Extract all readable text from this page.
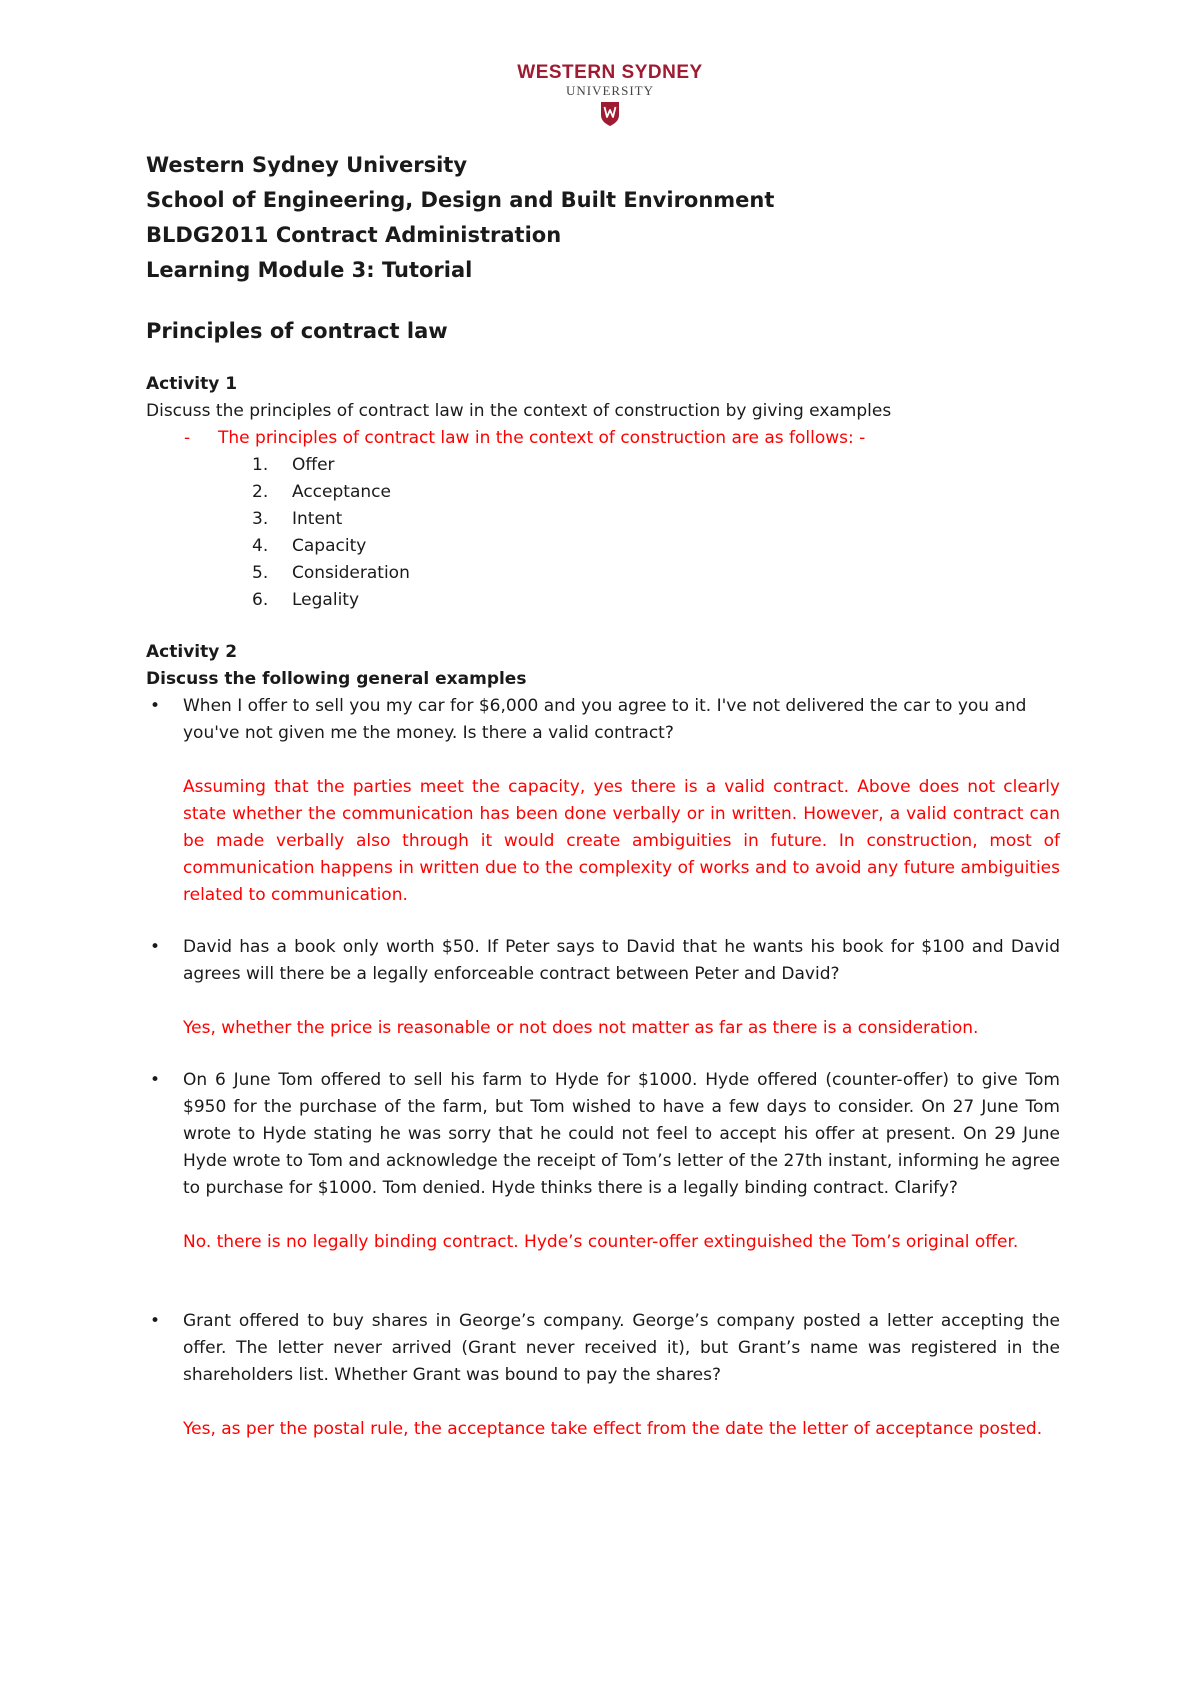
WESTERN SYDNEY
UNIVERSITY
Western Sydney University
School of Engineering, Design and Built Environment
BLDG2011 Contract Administration
Learning Module 3: Tutorial
Principles of contract law
Activity 1
Discuss the principles of contract law in the context of construction by giving examples
- The principles of contract law in the context of construction are as follows: -
1. Offer
2. Acceptance
3. Intent
4. Capacity
5. Consideration
6. Legality
Activity 2
Discuss the following general examples
• When I offer to sell you my car for $6,000 and you agree to it. I've not delivered the car to you and you've not given me the money. Is there a valid contract?
Assuming that the parties meet the capacity, yes there is a valid contract. Above does not clearly state whether the communication has been done verbally or in written. However, a valid contract can be made verbally also through it would create ambiguities in future. In construction, most of communication happens in written due to the complexity of works and to avoid any future ambiguities related to communication.
• David has a book only worth $50. If Peter says to David that he wants his book for $100 and David agrees will there be a legally enforceable contract between Peter and David?
Yes, whether the price is reasonable or not does not matter as far as there is a consideration.
• On 6 June Tom offered to sell his farm to Hyde for $1000. Hyde offered (counter-offer) to give Tom $950 for the purchase of the farm, but Tom wished to have a few days to consider. On 27 June Tom wrote to Hyde stating he was sorry that he could not feel to accept his offer at present. On 29 June Hyde wrote to Tom and acknowledge the receipt of Tom’s letter of the 27th instant, informing he agree to purchase for $1000. Tom denied. Hyde thinks there is a legally binding contract. Clarify?
No. there is no legally binding contract. Hyde’s counter-offer extinguished the Tom’s original offer.
• Grant offered to buy shares in George’s company. George’s company posted a letter accepting the offer. The letter never arrived (Grant never received it), but Grant’s name was registered in the shareholders list. Whether Grant was bound to pay the shares?
Yes, as per the postal rule, the acceptance take effect from the date the letter of acceptance posted.
